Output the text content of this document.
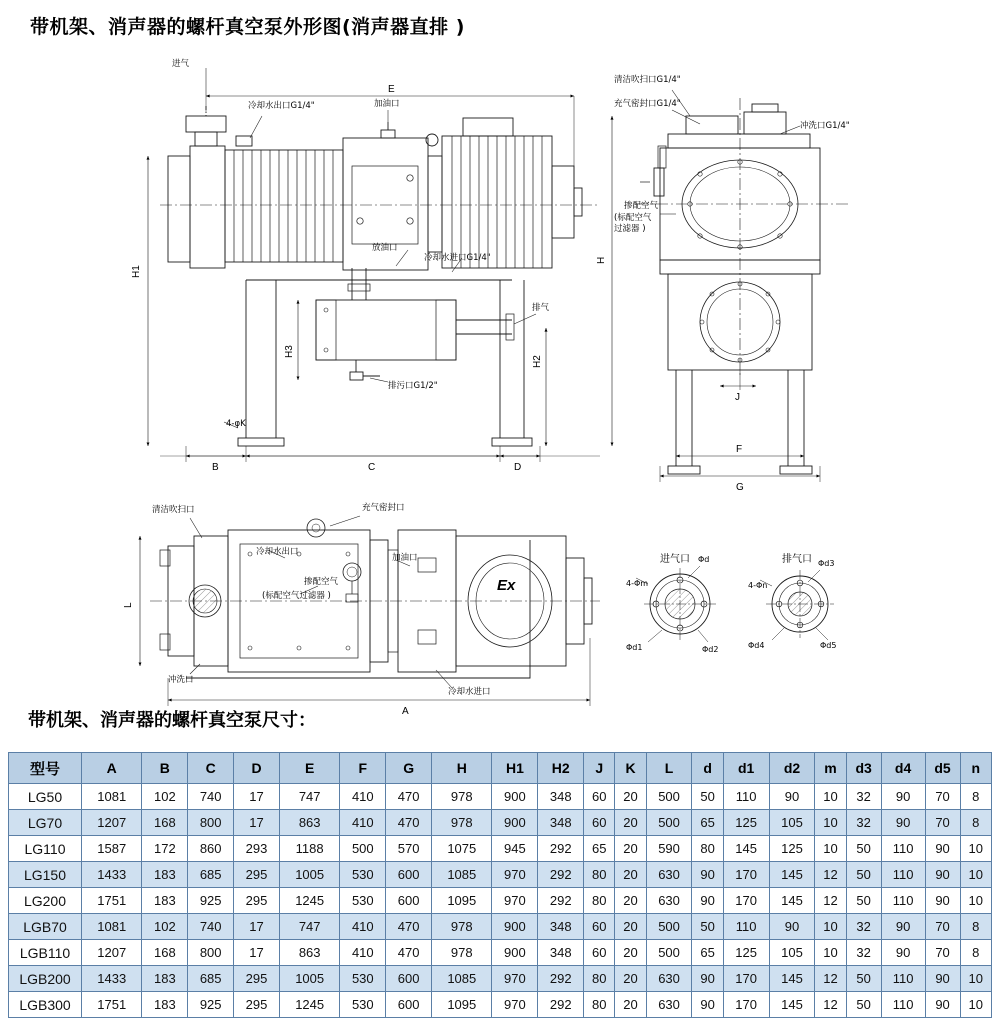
带机架、消声器的螺杆真空泵外形图(消声器直排 )
进气
冷却水出口G1/4"	加油口
清洁吹扫口G1/4"
充气密封口G1/4"
冲洗口G1/4"
掺配空气
(标配空气
过滤器 )
放油口
冷却水进口G1/4"
排气
排污口G1/2"
4-φK
清洁吹扫口	充气密封口
冷却水出口
加油口
掺配空气
(标配空气过滤器 )
冲洗口
冷却水进口
进气口	排气口
4-Φm
Φd
Φd1	Φd2
4-Φn
Φd3
Φd4	Φd5
E
H1
H
H2
H3
B	C	D
J
F
G
L
A
Ex
带机架、消声器的螺杆真空泵尺寸：
型号	A	B	C	D	E	F	G	H	H1	H2	J	K	L	d	d1	d2	m	d3	d4	d5	n
LG50	1081	102	740	17	747	410	470	978	900	348	60	20	500	50	110	90	10	32	90	70	8
LG70	1207	168	800	17	863	410	470	978	900	348	60	20	500	65	125	105	10	32	90	70	8
LG110	1587	172	860	293	1188	500	570	1075	945	292	65	20	590	80	145	125	10	50	110	90	10
LG150	1433	183	685	295	1005	530	600	1085	970	292	80	20	630	90	170	145	12	50	110	90	10
LG200	1751	183	925	295	1245	530	600	1095	970	292	80	20	630	90	170	145	12	50	110	90	10
LGB70	1081	102	740	17	747	410	470	978	900	348	60	20	500	50	110	90	10	32	90	70	8
LGB110	1207	168	800	17	863	410	470	978	900	348	60	20	500	65	125	105	10	32	90	70	8
LGB200	1433	183	685	295	1005	530	600	1085	970	292	80	20	630	90	170	145	12	50	110	90	10
LGB300	1751	183	925	295	1245	530	600	1095	970	292	80	20	630	90	170	145	12	50	110	90	10
